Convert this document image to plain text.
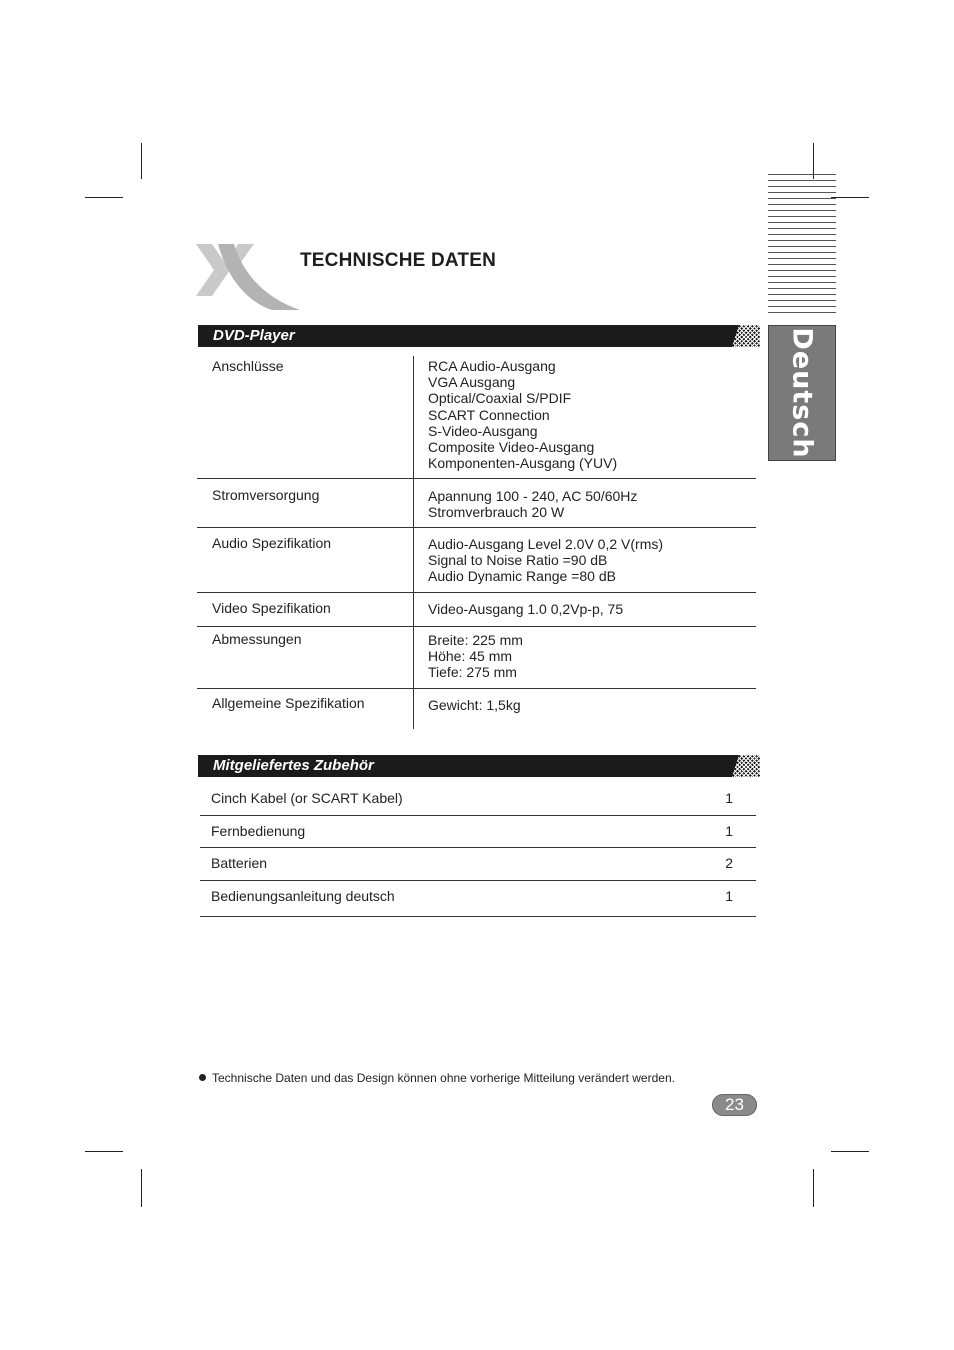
Deutsch
TECHNISCHE DATEN
DVD-Player
Anschlüsse	RCA Audio-Ausgang
VGA Ausgang
Optical/Coaxial S/PDIF
SCART Connection
S-Video-Ausgang
Composite Video-Ausgang
Komponenten-Ausgang (YUV)
Stromversorgung	Apannung 100 - 240, AC 50/60Hz
Stromverbrauch 20 W
Audio Spezifikation	Audio-Ausgang Level 2.0V 0,2 V(rms)
Signal to Noise Ratio =90 dB
Audio Dynamic Range =80 dB
Video Spezifikation	Video-Ausgang 1.0 0,2Vp-p, 75
Abmessungen	Breite: 225 mm
Höhe: 45 mm
Tiefe: 275 mm
Allgemeine Spezifikation	Gewicht: 1,5kg
Mitgeliefertes Zubehör
Cinch Kabel (or SCART Kabel)	1
Fernbedienung	1
Batterien	2
Bedienungsanleitung deutsch	1
Technische Daten und das Design können ohne vorherige Mitteilung verändert werden.
23
